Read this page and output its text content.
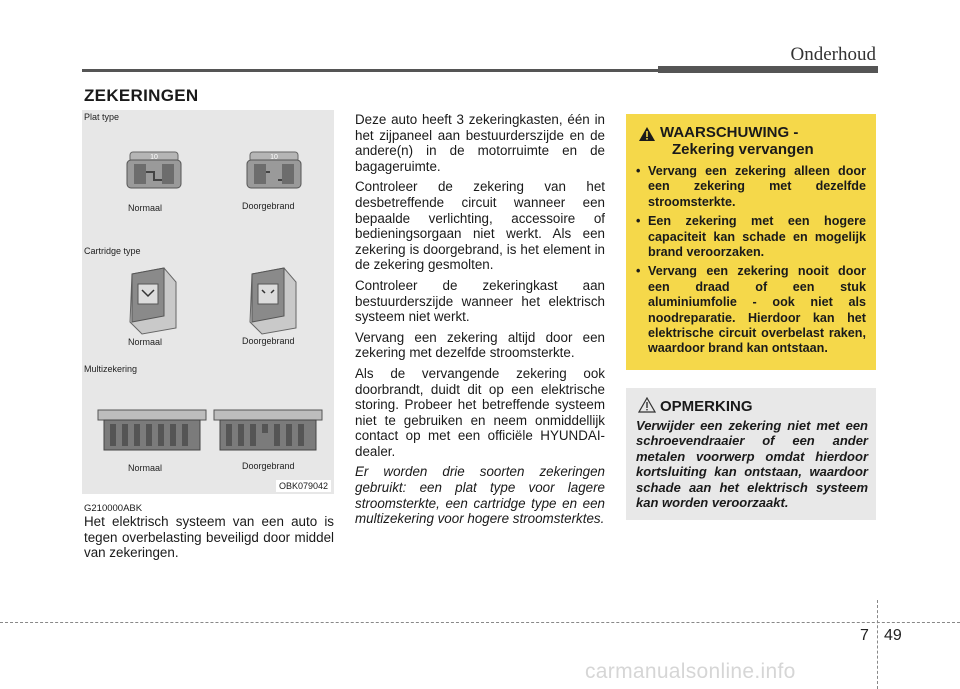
Onderhoud
ZEKERINGEN
Plat type
10	10
Normaal	Doorgebrand
Cartridge type
Normaal	Doorgebrand
Multizekering
Normaal	Doorgebrand
OBK079042
G210000ABK

Het elektrisch systeem van een auto is tegen overbelasting beveiligd door middel van zekeringen.

Deze auto heeft 3 zekeringkasten, één in het zijpaneel aan bestuurderszijde en de andere(n) in de motorruimte en de bagageruimte.

Controleer de zekering van het desbetreffende circuit wanneer een bepaalde verlichting, accessoire of bedieningsorgaan niet werkt. Als een zekering is doorgebrand, is het element in de zekering gesmolten.

Controleer de zekeringkast aan bestuurderszijde wanneer het elektrisch systeem niet werkt.

Vervang een zekering altijd door een zekering met dezelfde stroomsterkte.

Als de vervangende zekering ook doorbrandt, duidt dit op een elektrische storing. Probeer het betreffende systeem niet te gebruiken en neem onmiddellijk contact op met een officiële HYUNDAI-dealer.

Er worden drie soorten zekeringen gebruikt: een plat type voor lagere stroomsterkte, een cartridge type en een multizekering voor hogere stroomsterktes.

WAARSCHUWING -
Zekering vervangen
• Vervang een zekering alleen door een zekering met dezelfde stroomsterkte.
• Een zekering met een hogere capaciteit kan schade en mogelijk brand veroorzaken.
• Vervang een zekering nooit door een draad of een stuk aluminiumfolie - ook niet als noodreparatie. Hierdoor kan het elektrische circuit overbelast raken, waardoor brand kan ontstaan.
OPMERKING
Verwijder een zekering niet met een schroevendraaier of een ander metalen voorwerp omdat hierdoor kortsluiting kan ontstaan, waardoor schade aan het elektrisch systeem kan worden veroorzaakt.
7 49
carmanualsonline.info
